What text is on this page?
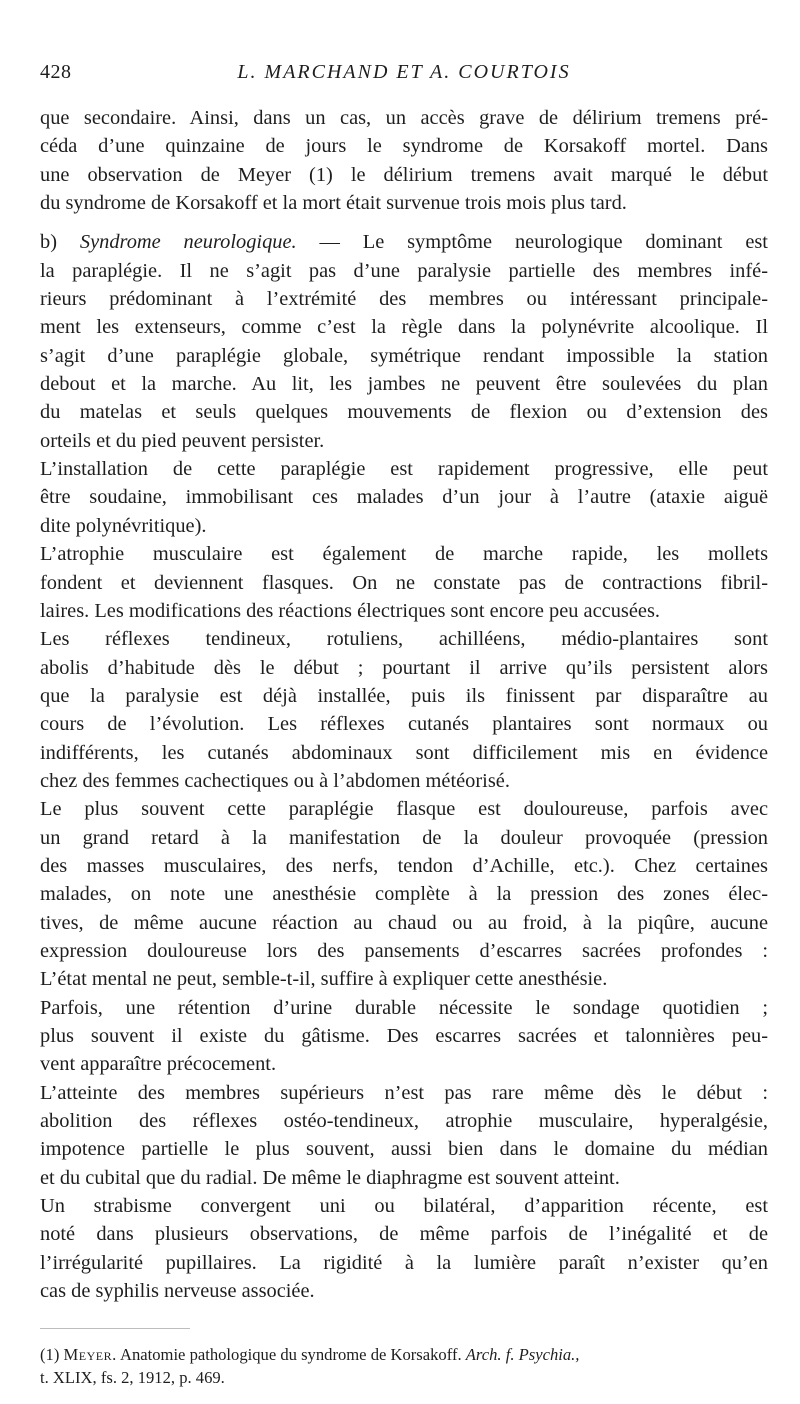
428	L. MARCHAND ET A. COURTOIS

que secondaire. Ainsi, dans un cas, un accès grave de délirium tremens pré-
céda d’une quinzaine de jours le syndrome de Korsakoff mortel. Dans
une observation de Meyer (1) le délirium tremens avait marqué le début
du syndrome de Korsakoff et la mort était survenue trois mois plus tard.

b) Syndrome neurologique. — Le symptôme neurologique dominant est
la paraplégie. Il ne s’agit pas d’une paralysie partielle des membres infé-
rieurs prédominant à l’extrémité des membres ou intéressant principale-
ment les extenseurs, comme c’est la règle dans la polynévrite alcoolique. Il
s’agit d’une paraplégie globale, symétrique rendant impossible la station
debout et la marche. Au lit, les jambes ne peuvent être soulevées du plan
du matelas et seuls quelques mouvements de flexion ou d’extension des
orteils et du pied peuvent persister.

L’installation de cette paraplégie est rapidement progressive, elle peut
être soudaine, immobilisant ces malades d’un jour à l’autre (ataxie aiguë
dite polynévritique).

L’atrophie musculaire est également de marche rapide, les mollets
fondent et deviennent flasques. On ne constate pas de contractions fibril-
laires. Les modifications des réactions électriques sont encore peu accusées.

Les réflexes tendineux, rotuliens, achilléens, médio-plantaires sont
abolis d’habitude dès le début ; pourtant il arrive qu’ils persistent alors
que la paralysie est déjà installée, puis ils finissent par disparaître au
cours de l’évolution. Les réflexes cutanés plantaires sont normaux ou
indifférents, les cutanés abdominaux sont difficilement mis en évidence
chez des femmes cachectiques ou à l’abdomen météorisé.

Le plus souvent cette paraplégie flasque est douloureuse, parfois avec
un grand retard à la manifestation de la douleur provoquée (pression
des masses musculaires, des nerfs, tendon d’Achille, etc.). Chez certaines
malades, on note une anesthésie complète à la pression des zones élec-
tives, de même aucune réaction au chaud ou au froid, à la piqûre, aucune
expression douloureuse lors des pansements d’escarres sacrées profondes :
L’état mental ne peut, semble-t-il, suffire à expliquer cette anesthésie.

Parfois, une rétention d’urine durable nécessite le sondage quotidien ;
plus souvent il existe du gâtisme. Des escarres sacrées et talonnières peu-
vent apparaître précocement.

L’atteinte des membres supérieurs n’est pas rare même dès le début :
abolition des réflexes ostéo-tendineux, atrophie musculaire, hyperalgésie,
impotence partielle le plus souvent, aussi bien dans le domaine du médian
et du cubital que du radial. De même le diaphragme est souvent atteint.

Un strabisme convergent uni ou bilatéral, d’apparition récente, est
noté dans plusieurs observations, de même parfois de l’inégalité et de
l’irrégularité pupillaires. La rigidité à la lumière paraît n’exister qu’en
cas de syphilis nerveuse associée.

(1) Meyer. Anatomie pathologique du syndrome de Korsakoff. Arch. f. Psychia.,
t. XLIX, fs. 2, 1912, p. 469.
